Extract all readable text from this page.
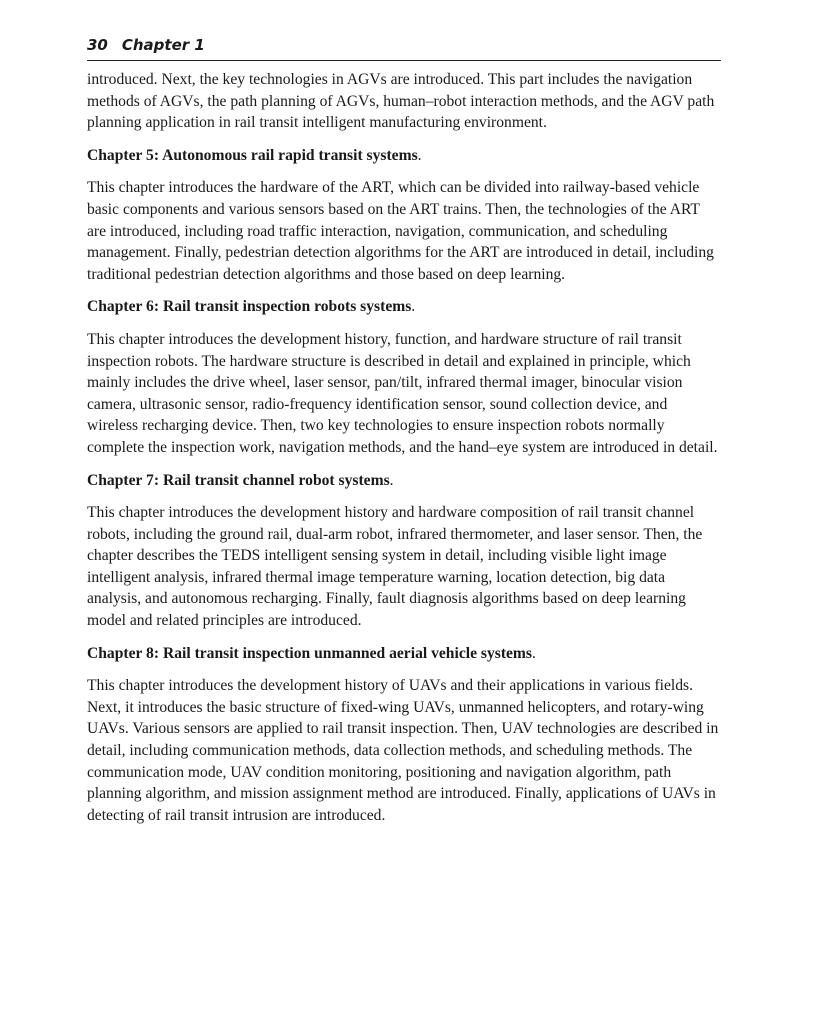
30 Chapter 1

introduced. Next, the key technologies in AGVs are introduced. This part includes the navigation methods of AGVs, the path planning of AGVs, human–robot interaction methods, and the AGV path planning application in rail transit intelligent manufacturing environment.

Chapter 5: Autonomous rail rapid transit systems.

This chapter introduces the hardware of the ART, which can be divided into railway-based vehicle basic components and various sensors based on the ART trains. Then, the technologies of the ART are introduced, including road traffic interaction, navigation, communication, and scheduling management. Finally, pedestrian detection algorithms for the ART are introduced in detail, including traditional pedestrian detection algorithms and those based on deep learning.

Chapter 6: Rail transit inspection robots systems.

This chapter introduces the development history, function, and hardware structure of rail transit inspection robots. The hardware structure is described in detail and explained in principle, which mainly includes the drive wheel, laser sensor, pan/tilt, infrared thermal imager, binocular vision camera, ultrasonic sensor, radio-frequency identification sensor, sound collection device, and wireless recharging device. Then, two key technologies to ensure inspection robots normally complete the inspection work, navigation methods, and the hand–eye system are introduced in detail.

Chapter 7: Rail transit channel robot systems.

This chapter introduces the development history and hardware composition of rail transit channel robots, including the ground rail, dual-arm robot, infrared thermometer, and laser sensor. Then, the chapter describes the TEDS intelligent sensing system in detail, including visible light image intelligent analysis, infrared thermal image temperature warning, location detection, big data analysis, and autonomous recharging. Finally, fault diagnosis algorithms based on deep learning model and related principles are introduced.

Chapter 8: Rail transit inspection unmanned aerial vehicle systems.

This chapter introduces the development history of UAVs and their applications in various fields. Next, it introduces the basic structure of fixed-wing UAVs, unmanned helicopters, and rotary-wing UAVs. Various sensors are applied to rail transit inspection. Then, UAV technologies are described in detail, including communication methods, data collection methods, and scheduling methods. The communication mode, UAV condition monitoring, positioning and navigation algorithm, path planning algorithm, and mission assignment method are introduced. Finally, applications of UAVs in detecting of rail transit intrusion are introduced.
